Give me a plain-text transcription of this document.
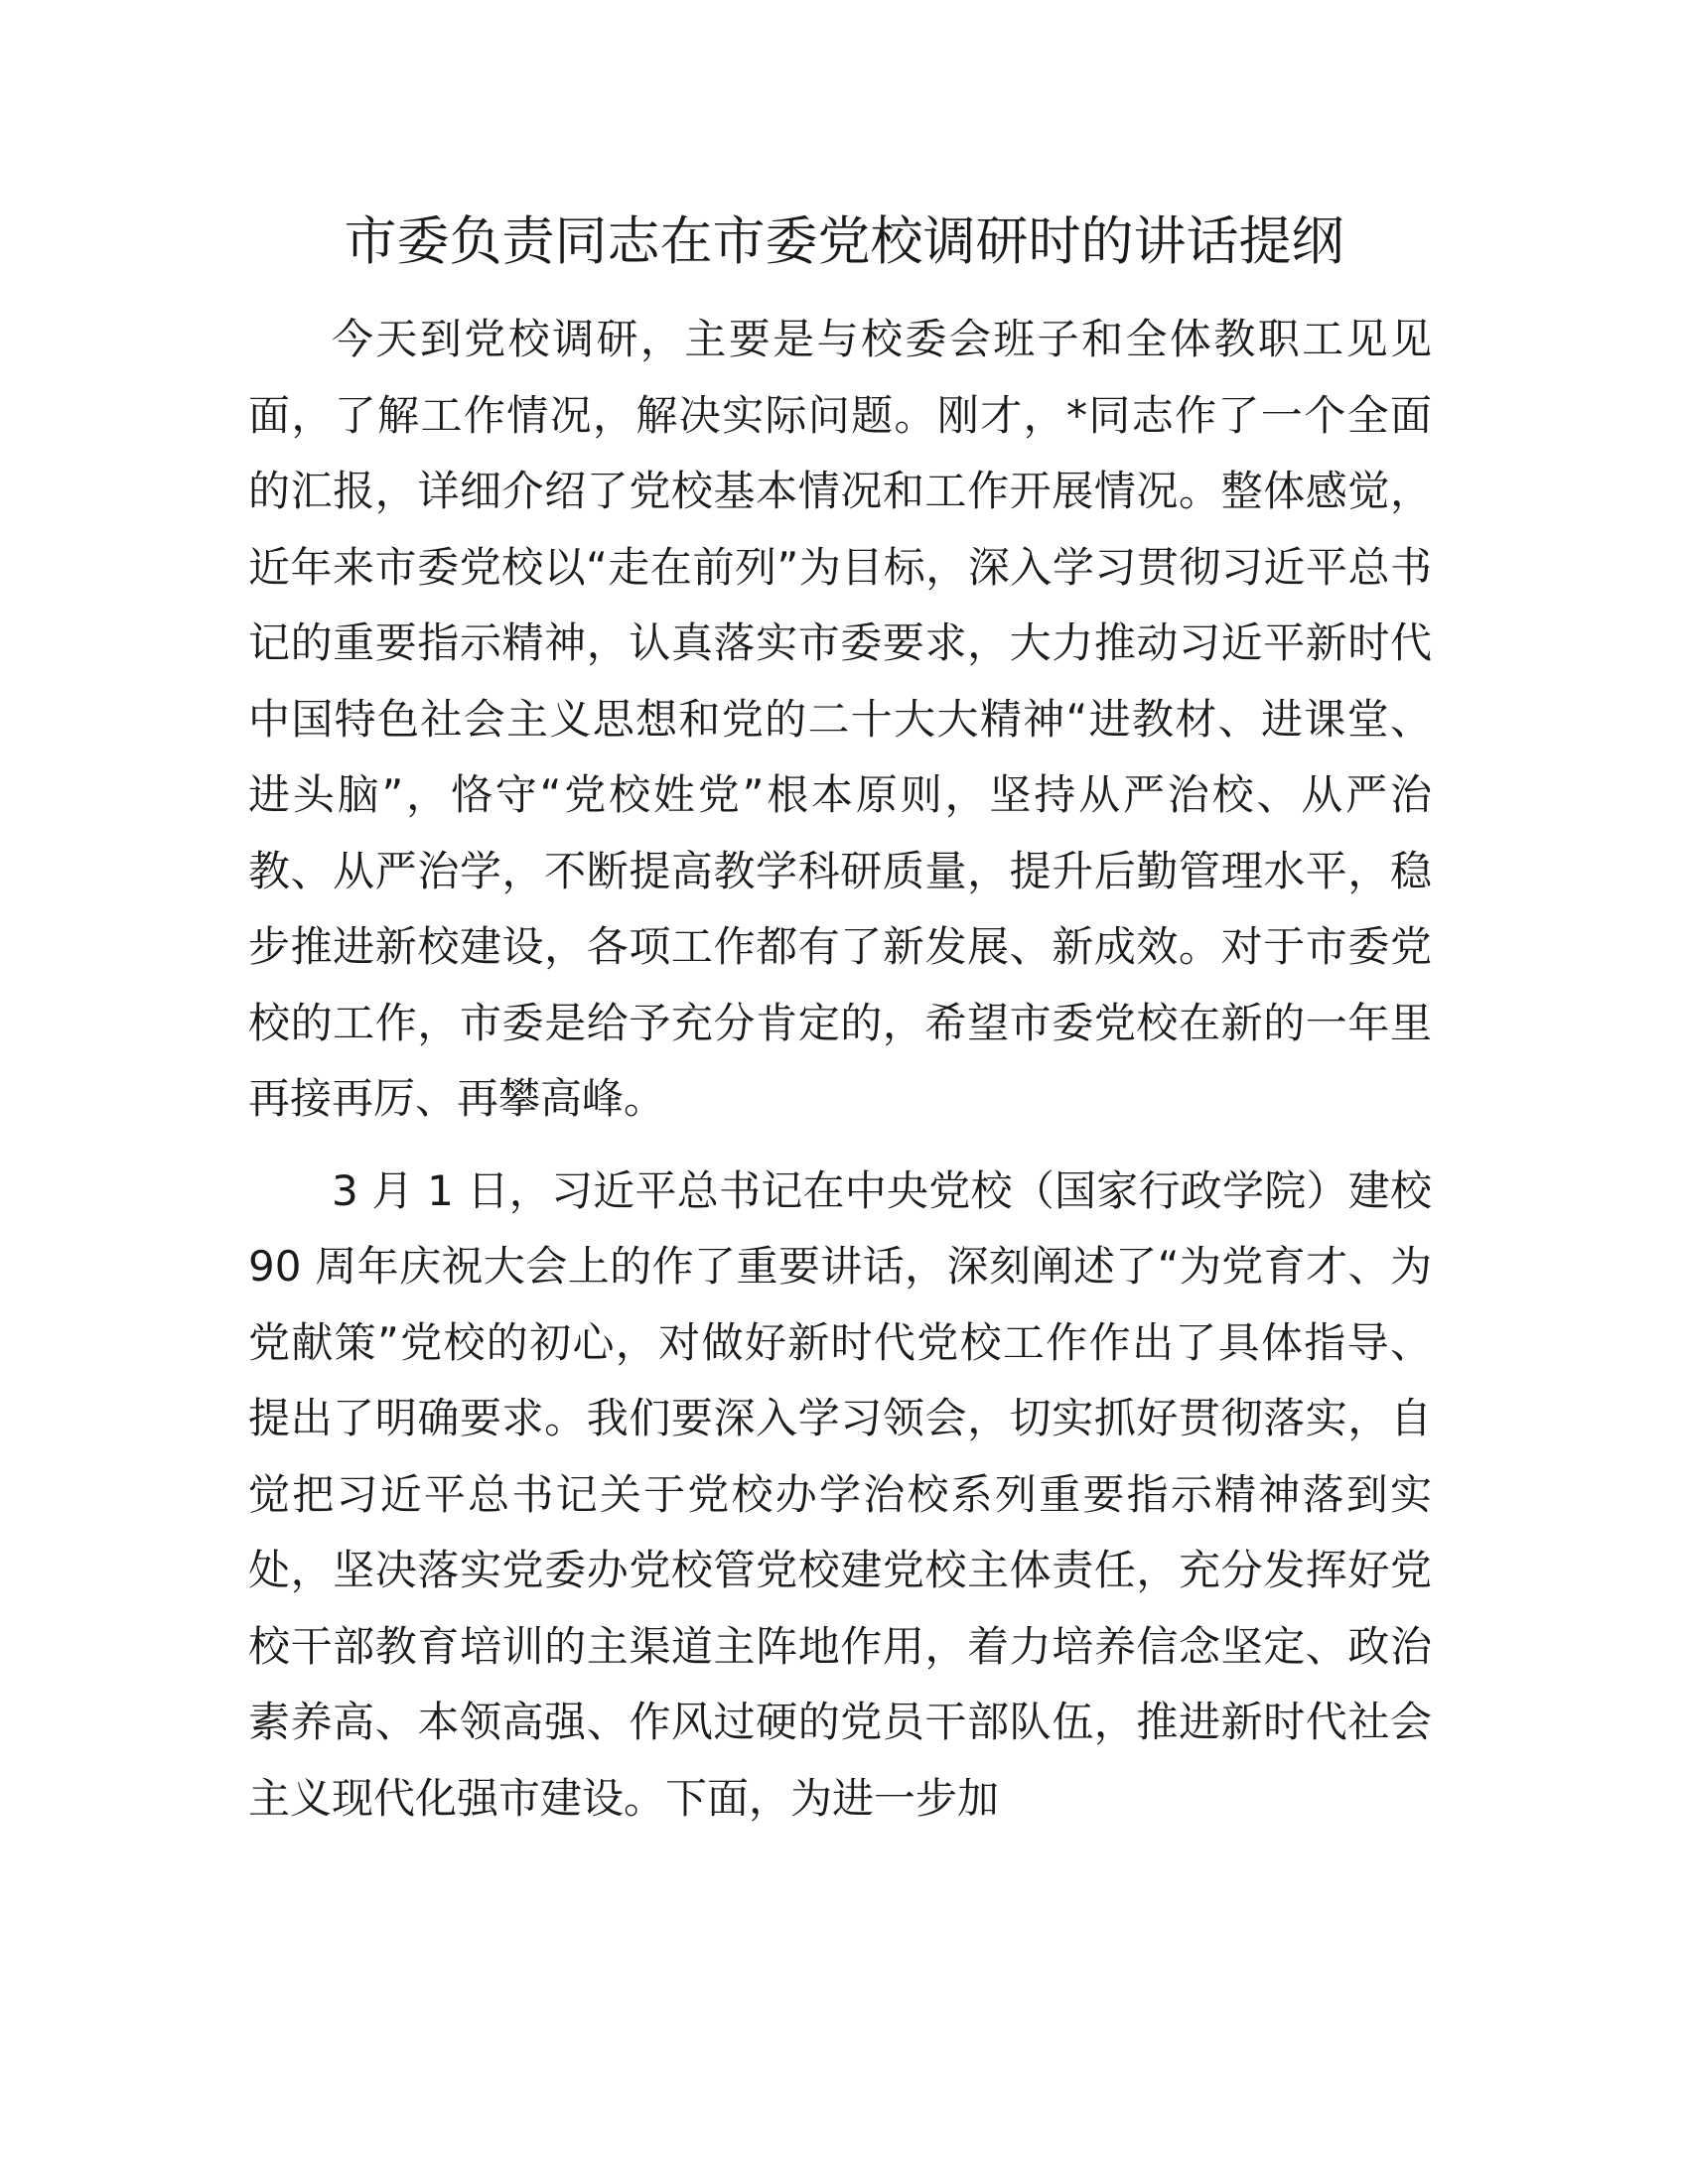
市委负责同志在市委党校调研时的讲话提纲

今天到党校调研，主要是与校委会班子和全体教职工见见面，了解工作情况，解决实际问题。刚才，*同志作了一个全面的汇报，详细介绍了党校基本情况和工作开展情况。整体感觉，近年来市委党校以“走在前列”为目标，深入学习贯彻习近平总书记的重要指示精神，认真落实市委要求，大力推动习近平新时代中国特色社会主义思想和党的二十大大精神“进教材、进课堂、进头脑”，恪守“党校姓党”根本原则，坚持从严治校、从严治教、从严治学，不断提高教学科研质量，提升后勤管理水平，稳步推进新校建设，各项工作都有了新发展、新成效。对于市委党校的工作，市委是给予充分肯定的，希望市委党校在新的一年里再接再厉、再攀高峰。

3 月 1 日，习近平总书记在中央党校（国家行政学院）建校 90 周年庆祝大会上的作了重要讲话，深刻阐述了“为党育才、为党献策”党校的初心，对做好新时代党校工作作出了具体指导、提出了明确要求。我们要深入学习领会，切实抓好贯彻落实，自觉把习近平总书记关于党校办学治校系列重要指示精神落到实处，坚决落实党委办党校管党校建党校主体责任，充分发挥好党校干部教育培训的主渠道主阵地作用，着力培养信念坚定、政治素养高、本领高强、作风过硬的党员干部队伍，推进新时代社会主义现代化强市建设。下面，为进一步加
